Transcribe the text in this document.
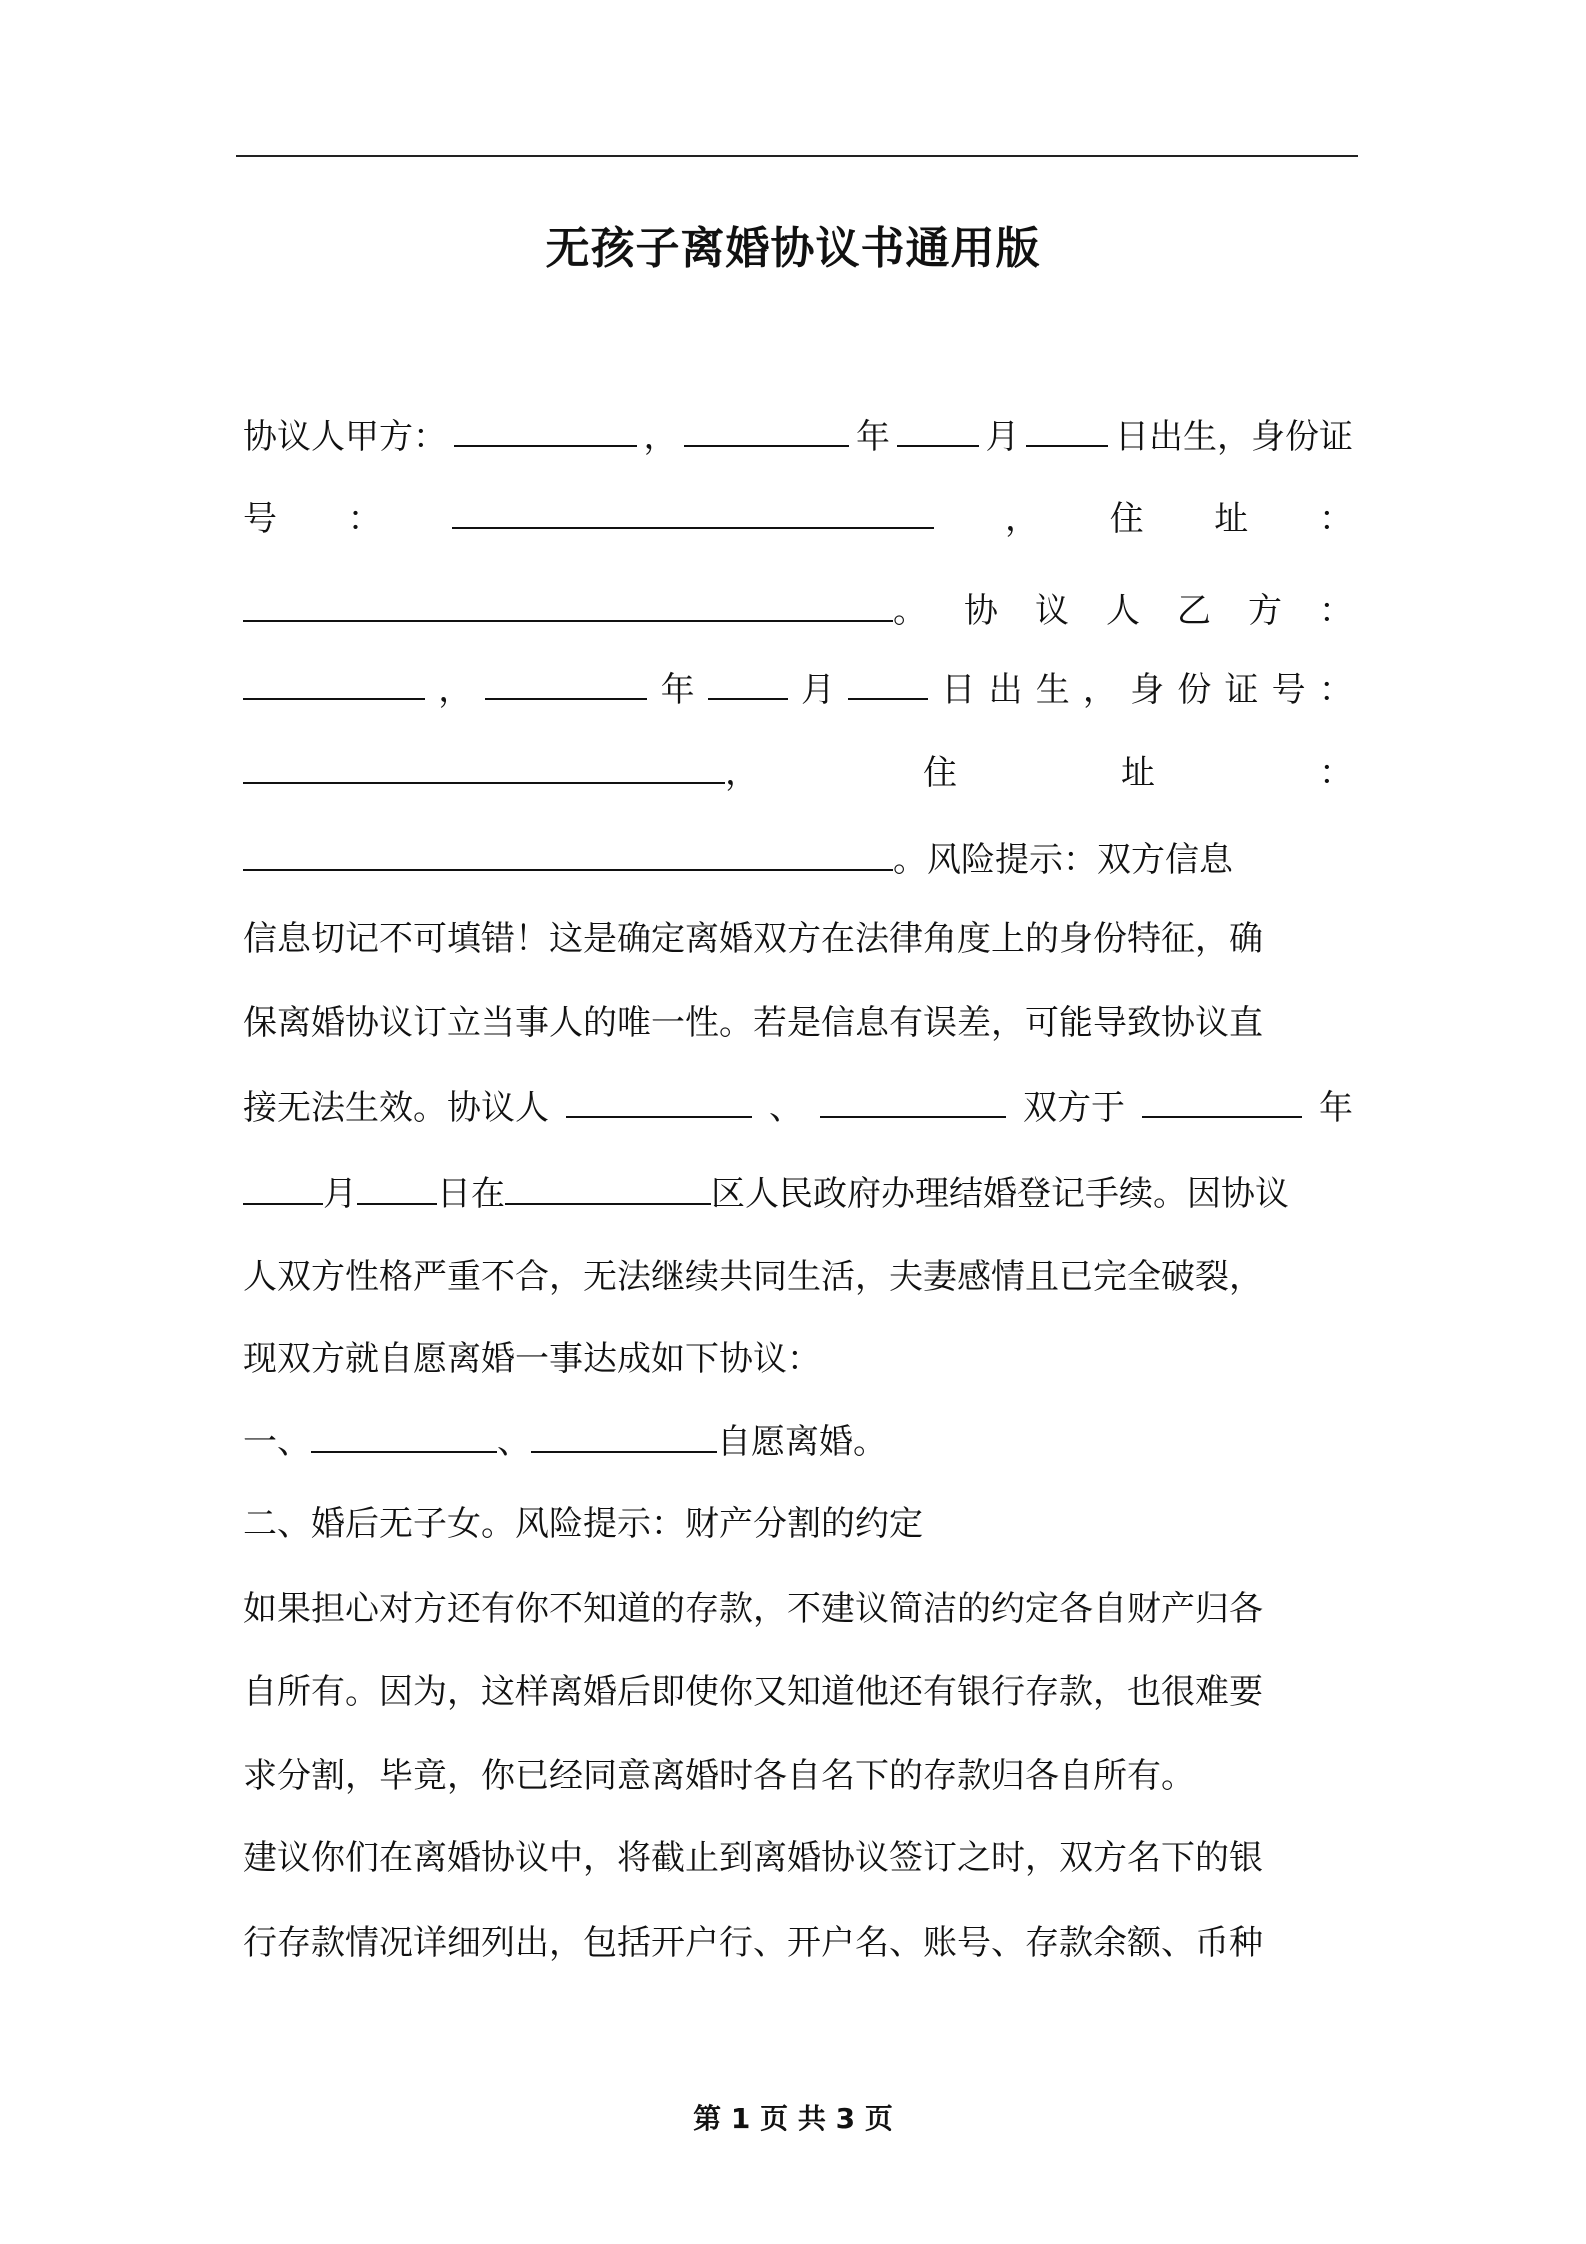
无孩子离婚协议书通用版
协议人甲方：	，	年	月	日出生，身份证
号 ：	， 住 址 ：
。 协 议 人 乙 方 ：
，	年	月	日 出 生 ， 身 份 证 号 ：
，	住	址	：
。风险提示：双方信息
信息切记不可填错！这是确定离婚双方在法律角度上的身份特征，确
保离婚协议订立当事人的唯一性。若是信息有误差，可能导致协议直
接无法生效。协议人	、	双方于	年
月 日在	区人民政府办理结婚登记手续。因协议
人双方性格严重不合，无法继续共同生活，夫妻感情且已完全破裂，
现双方就自愿离婚一事达成如下协议：
一、	、	自愿离婚。
二、婚后无子女。风险提示：财产分割的约定
如果担心对方还有你不知道的存款，不建议简洁的约定各自财产归各
自所有。因为，这样离婚后即使你又知道他还有银行存款，也很难要
求分割，毕竟，你已经同意离婚时各自名下的存款归各自所有。
建议你们在离婚协议中，将截止到离婚协议签订之时，双方名下的银
行存款情况详细列出，包括开户行、开户名、账号、存款余额、币种
第 1 页 共 3 页
